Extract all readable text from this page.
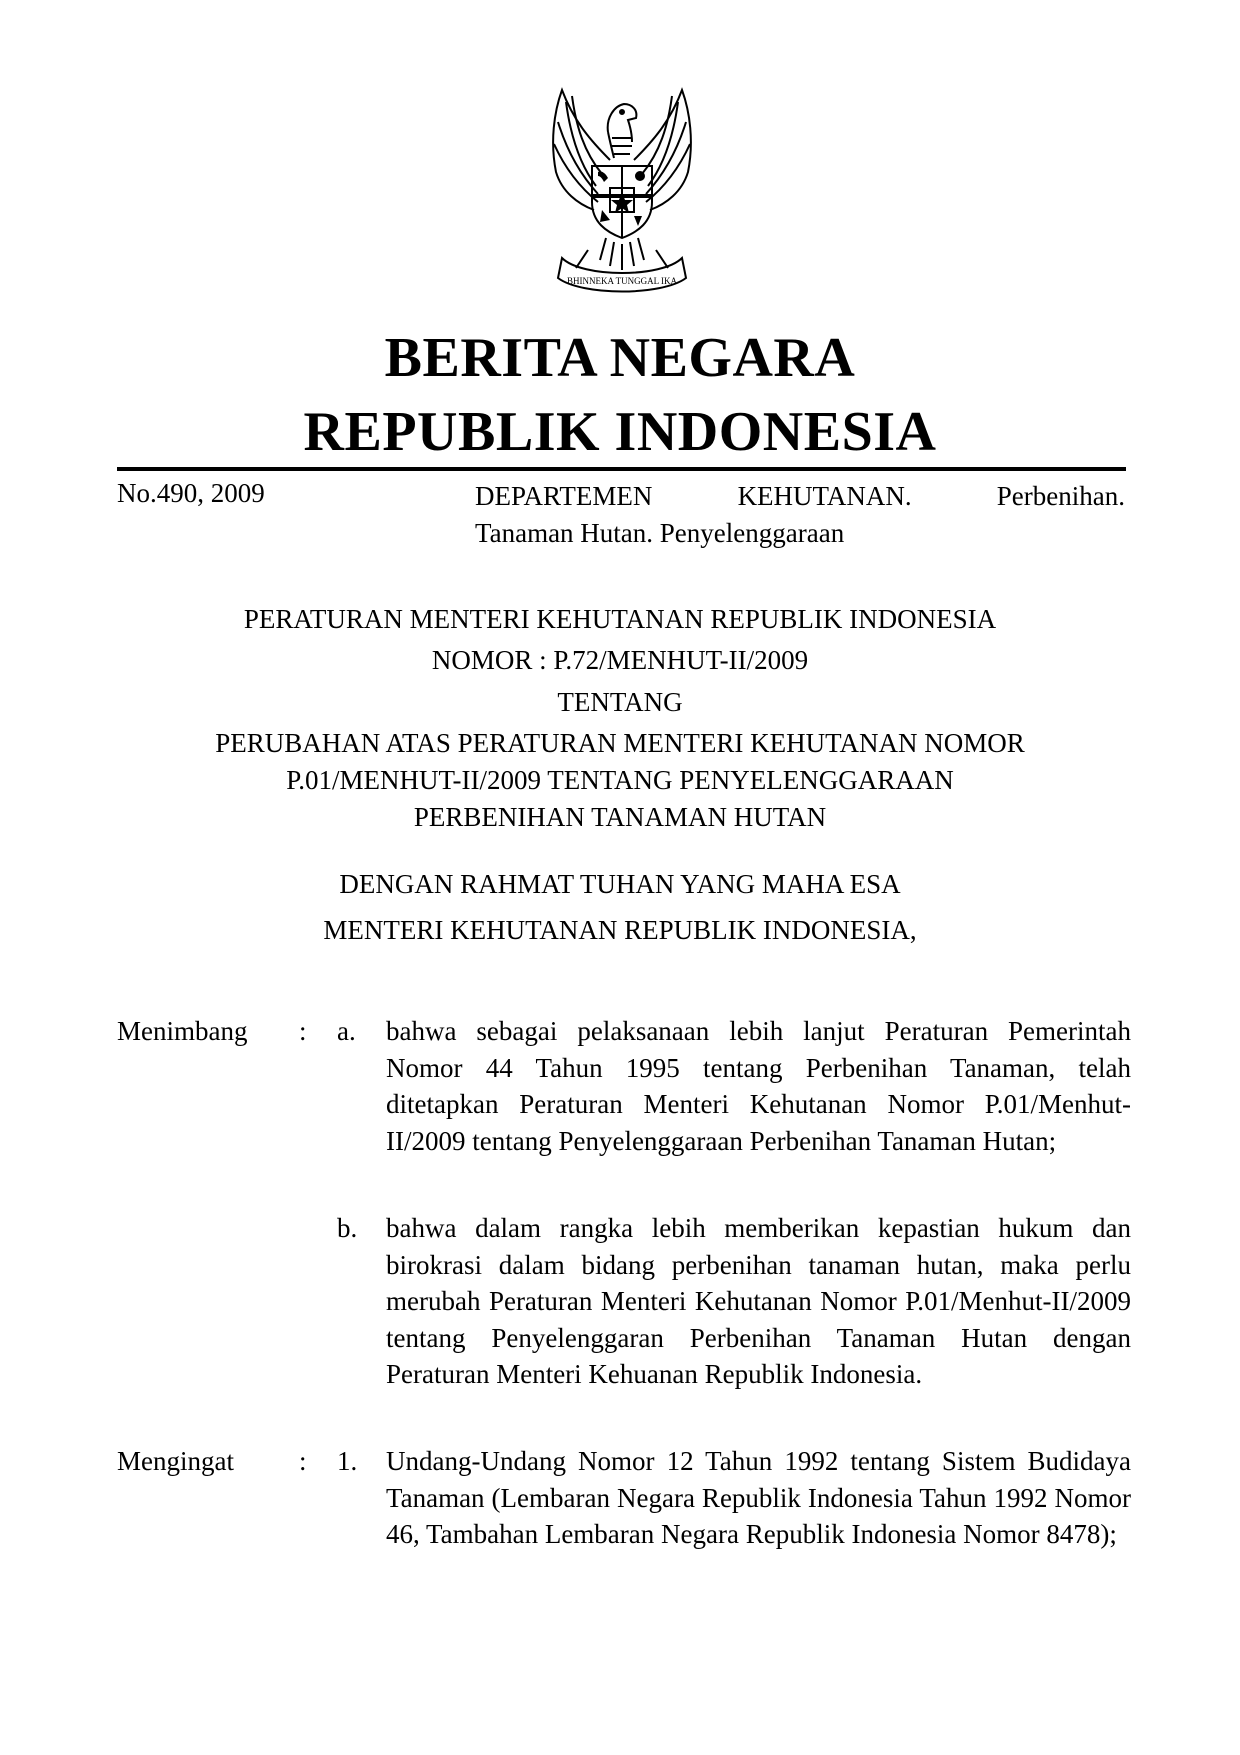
BHINNEKA TUNGGAL IKA
BERITA NEGARA
REPUBLIK INDONESIA
No.490, 2009	DEPARTEMEN KEHUTANAN. Perbenihan.
Tanaman Hutan. Penyelenggaraan
PERATURAN MENTERI KEHUTANAN REPUBLIK INDONESIA
NOMOR : P.72/MENHUT-II/2009
TENTANG
PERUBAHAN ATAS PERATURAN MENTERI KEHUTANAN NOMOR
P.01/MENHUT-II/2009 TENTANG PENYELENGGARAAN
PERBENIHAN TANAMAN HUTAN
DENGAN RAHMAT TUHAN YANG MAHA ESA
MENTERI KEHUTANAN REPUBLIK INDONESIA,
Menimbang : a. bahwa sebagai pelaksanaan lebih lanjut Peraturan Pemerintah Nomor 44 Tahun 1995 tentang Perbenihan Tanaman, telah ditetapkan Peraturan Menteri Kehutanan Nomor P.01/Menhut-II/2009 tentang Penyelenggaraan Perbenihan Tanaman Hutan;
b. bahwa dalam rangka lebih memberikan kepastian hukum dan birokrasi dalam bidang perbenihan tanaman hutan, maka perlu merubah Peraturan Menteri Kehutanan Nomor P.01/Menhut-II/2009 tentang Penyelenggaran Perbenihan Tanaman Hutan dengan Peraturan Menteri Kehuanan Republik Indonesia.
Mengingat : 1. Undang-Undang Nomor 12 Tahun 1992 tentang Sistem Budidaya Tanaman (Lembaran Negara Republik Indonesia Tahun 1992 Nomor 46, Tambahan Lembaran Negara Republik Indonesia Nomor 8478);
